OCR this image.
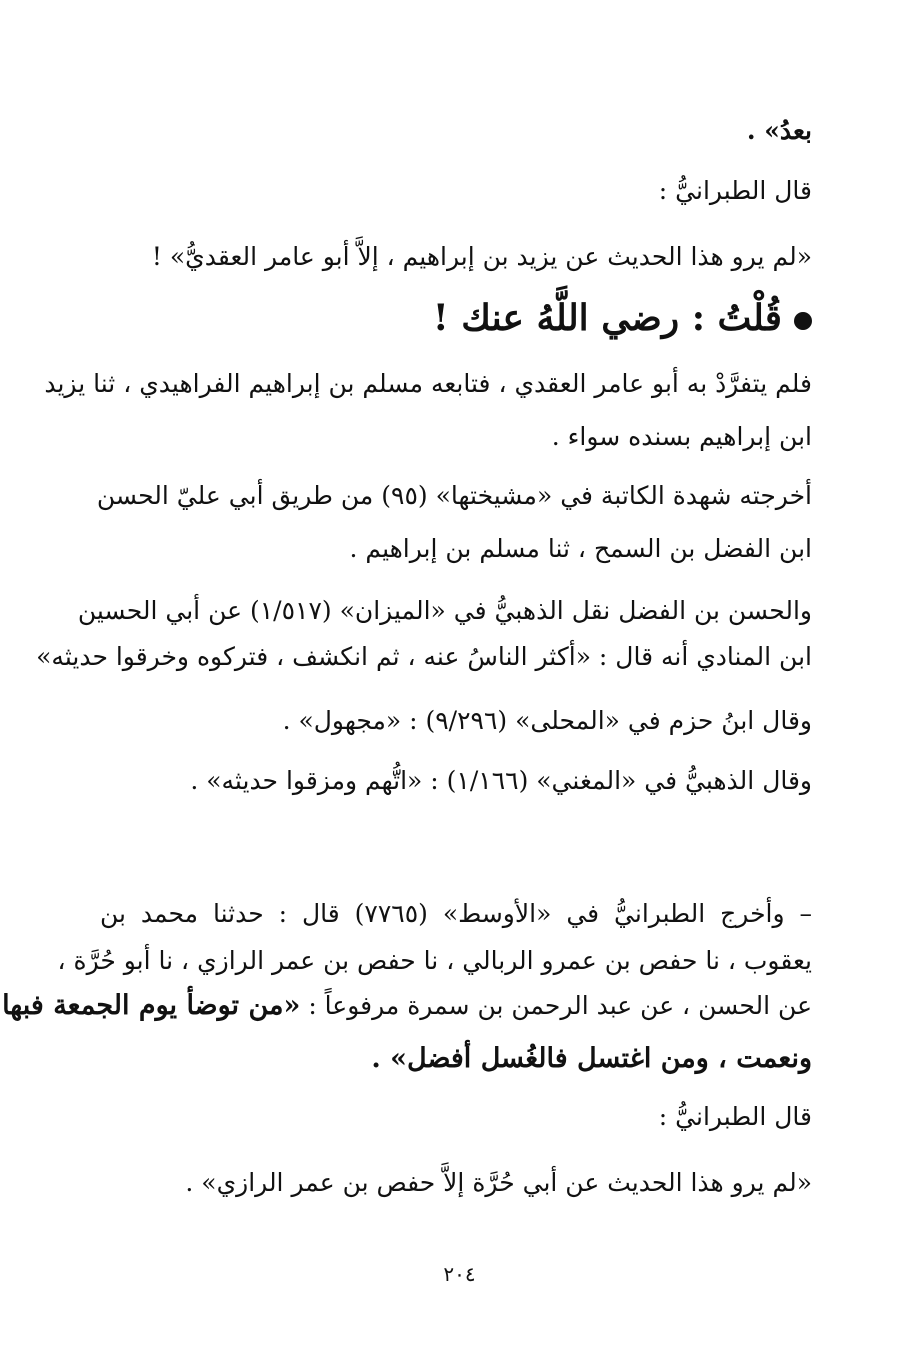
بعدُ» .
قال الطبرانيُّ :
«لم يرو هذا الحديث عن يزيد بن إبراهيم ، إلاَّ أبو عامر العقديُّ» !
قُلْتُ : رضي اللَّهُ عنك !
فلم يتفرَّدْ به أبو عامر العقدي ، فتابعه مسلم بن إبراهيم الفراهيدي ، ثنا يزيد
ابن إبراهيم بسنده سواء .
أخرجته شهدة الكاتبة في «مشيختها» (٩٥) من طريق أبي عليّ الحسن
ابن الفضل بن السمح ، ثنا مسلم بن إبراهيم .
والحسن بن الفضل نقل الذهبيُّ في «الميزان» (١/٥١٧) عن أبي الحسين
ابن المنادي أنه قال : «أكثر الناسُ عنه ، ثم انكشف ، فتركوه وخرقوا حديثه»
وقال ابنُ حزم في «المحلى» (٩/٢٩٦) : «مجهول» .
وقال الذهبيُّ في «المغني» (١/١٦٦) : «اتُّهم ومزقوا حديثه» .
– وأخرج الطبرانيُّ في «الأوسط» (٧٧٦٥) قال : حدثنا محمد بن
يعقوب ، نا حفص بن عمرو الربالي ، نا حفص بن عمر الرازي ، نا أبو حُرَّة ،
عن الحسن ، عن عبد الرحمن بن سمرة مرفوعاً : «من توضأ يوم الجمعة فبها
ونعمت ، ومن اغتسل فالغُسل أفضل» .
قال الطبرانيُّ :
«لم يرو هذا الحديث عن أبي حُرَّة إلاَّ حفص بن عمر الرازي» .
٢٠٤
